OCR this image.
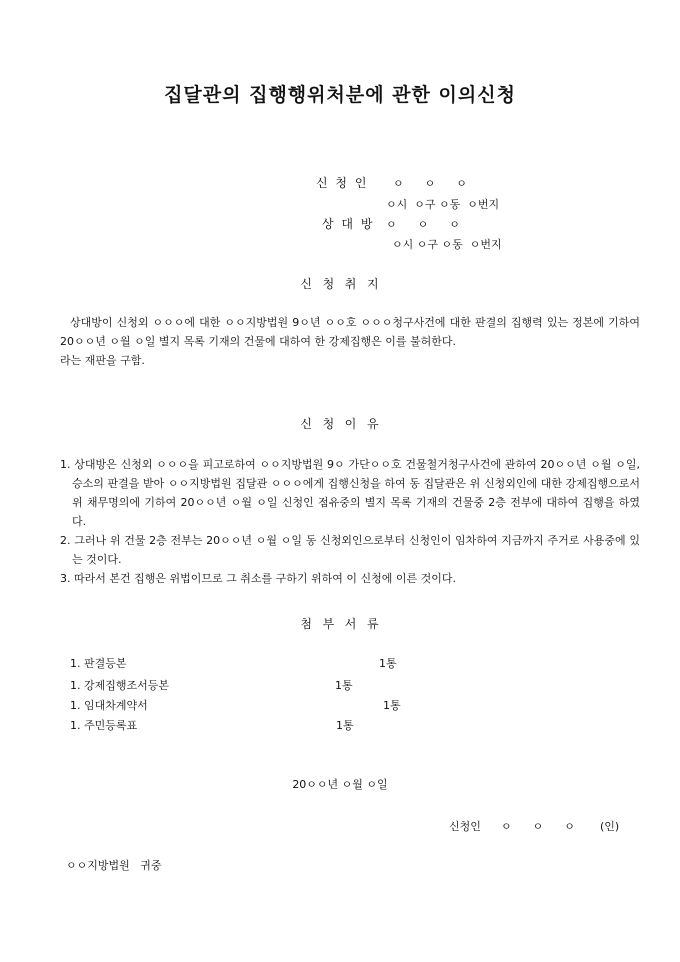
집달관의 집행행위처분에 관한 이의신청
신 청 인 ㅇ      ㅇ      ㅇ
ㅇ시  ㅇ구 ㅇ동  ㅇ번지
상 대 방 ㅇ      ㅇ      ㅇ
ㅇ시 ㅇ구 ㅇ동  ㅇ번지
신  청  취  지

상대방이 신청외 ㅇㅇㅇ에 대한 ㅇㅇ지방법원 9ㅇ년 ㅇㅇ호 ㅇㅇㅇ청구사건에 대한 판결의 집행력 있는 정본에 기하여 20ㅇㅇ년 ㅇ월 ㅇ일 별지 목록 기재의 건물에 대하여 한 강제집행은 이를 불허한다.

라는 재판을 구함.

신  청  이  유
1. 상대방은 신청외 ㅇㅇㅇ을 피고로하여 ㅇㅇ지방법원 9ㅇ 가단ㅇㅇ호 건물철거청구사건에 관하여 20ㅇㅇ년 ㅇ월 ㅇ일, 승소의 판결을 받아 ㅇㅇ지방법원 집달관 ㅇㅇㅇ에게 집행신청을 하여 동 집달관은 위 신청외인에 대한 강제집행으로서 위 채무명의에 기하여 20ㅇㅇ년 ㅇ월 ㅇ일 신청인 점유중의 별지 목록 기재의 건물중 2층 전부에 대하여 집행을 하였다.
2. 그러나 위 건물 2층 전부는 20ㅇㅇ년 ㅇ월 ㅇ일 동 신청외인으로부터 신청인이 임차하여 지금까지 주거로 사용중에 있는 것이다.
3. 따라서 본건 집행은 위법이므로 그 취소를 구하기 위하여 이 신청에 이른 것이다.
첨  부  서  류
1. 판결등본	1통
1. 강제집행조서등본	1통
1. 임대차계약서	1통
1. 주민등록표	1통
20ㅇㅇ년 ㅇ월 ㅇ일
신청인 ㅇ      ㅇ      ㅇ (인)
ㅇㅇ지방법원   귀중
